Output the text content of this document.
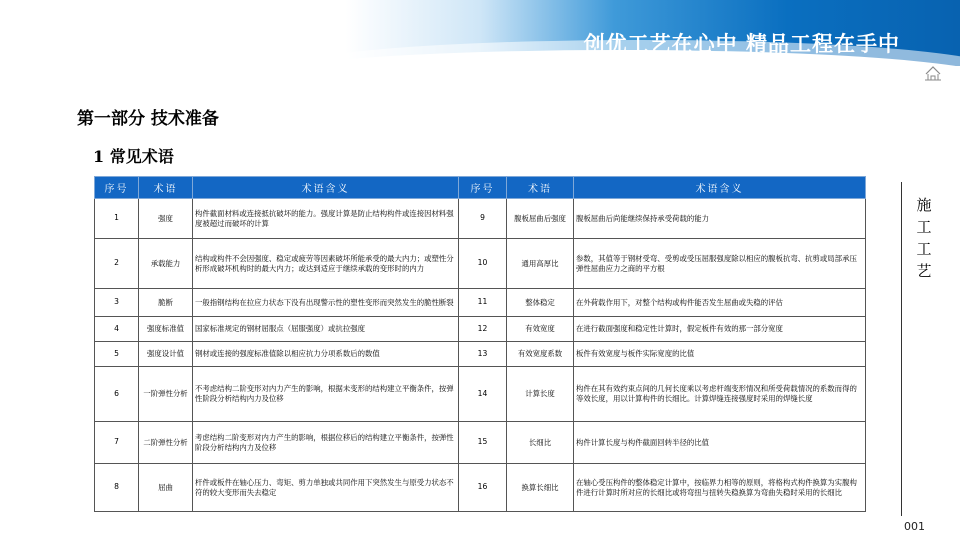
创优工艺在心中 精品工程在手中
第一部分 技术准备
1 常见术语
序号	术语	术语含义	序号	术语	术语含义
1	强度	构件截面材料或连接抵抗破坏的能力。强度计算是防止结构构件或连接因材料强度被超过而破坏的计算	9	腹板屈曲后强度	腹板屈曲后尚能继续保持承受荷载的能力
2	承载能力	结构或构件不会因强度、稳定或疲劳等因素破坏所能承受的最大内力；或塑性分析形成破坏机构时的最大内力；或达到适应于继续承载的变形时的内力	10	通用高厚比	参数，其值等于钢材受弯、受剪或受压屈服强度除以相应的腹板抗弯、抗剪或局部承压弹性屈曲应力之商的平方根
3	脆断	一般指钢结构在拉应力状态下没有出现警示性的塑性变形而突然发生的脆性断裂	11	整体稳定	在外荷载作用下，对整个结构或构件能否发生屈曲或失稳的评估
4	强度标准值	国家标准规定的钢材屈服点（屈服强度）或抗拉强度	12	有效宽度	在进行截面强度和稳定性计算时，假定板件有效的那一部分宽度
5	强度设计值	钢材或连接的强度标准值除以相应抗力分项系数后的数值	13	有效宽度系数	板件有效宽度与板件实际宽度的比值
6	一阶弹性分析	不考虑结构二阶变形对内力产生的影响，根据未变形的结构建立平衡条件，按弹性阶段分析结构内力及位移	14	计算长度	构件在其有效约束点间的几何长度乘以考虑杆端变形情况和所受荷载情况的系数而得的等效长度，用以计算构件的长细比。计算焊缝连接强度时采用的焊缝长度
7	二阶弹性分析	考虑结构二阶变形对内力产生的影响，根据位移后的结构建立平衡条件，按弹性阶段分析结构内力及位移	15	长细比	构件计算长度与构件截面回转半径的比值
8	屈曲	杆件或板件在轴心压力、弯矩、剪力单独或共同作用下突然发生与原受力状态不符的较大变形而失去稳定	16	换算长细比	在轴心受压构件的整体稳定计算中，按临界力相等的原则，将格构式构件换算为实腹构件进行计算时所对应的长细比或将弯扭与扭转失稳换算为弯曲失稳时采用的长细比
施
工
工
艺
001
